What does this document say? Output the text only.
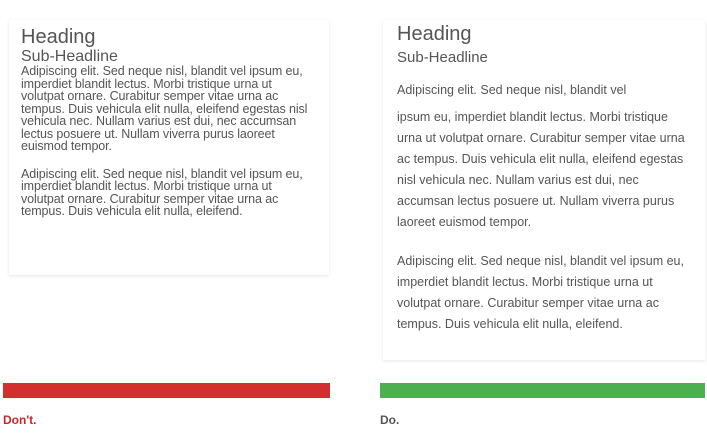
Heading
Sub-Headline

Adipiscing elit. Sed neque nisl, blandit vel ipsum eu, imperdiet blandit lectus. Morbi tristique urna ut volutpat ornare. Curabitur semper vitae urna ac tempus. Duis vehicula elit nulla, eleifend egestas nisl vehicula nec. Nullam varius est dui, nec accumsan lectus posuere ut. Nullam viverra purus laoreet euismod tempor.

Adipiscing elit. Sed neque nisl, blandit vel ipsum eu, imperdiet blandit lectus. Morbi tristique urna ut volutpat ornare. Curabitur semper vitae urna ac tempus. Duis vehicula elit nulla, eleifend.

Heading
Sub-Headline

Adipiscing elit. Sed neque nisl, blandit vel

ipsum eu, imperdiet blandit lectus. Morbi tristique urna ut volutpat ornare. Curabitur semper vitae urna ac tempus. Duis vehicula elit nulla, eleifend egestas nisl vehicula nec. Nullam varius est dui, nec accumsan lectus posuere ut. Nullam viverra purus laoreet euismod tempor.

Adipiscing elit. Sed neque nisl, blandit vel ipsum eu, imperdiet blandit lectus. Morbi tristique urna ut volutpat ornare. Curabitur semper vitae urna ac tempus. Duis vehicula elit nulla, eleifend.

Don't.	Do.
